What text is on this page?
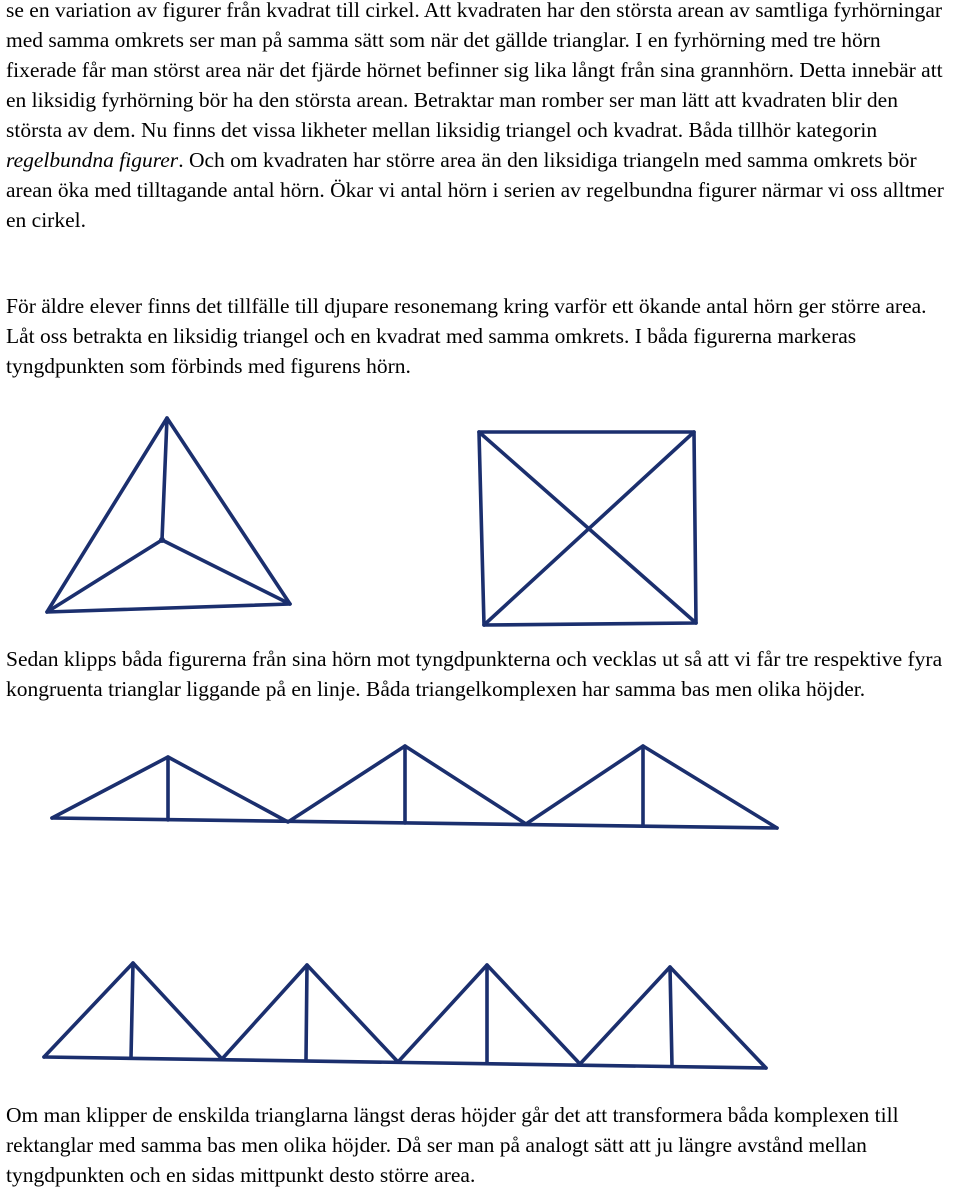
se en variation av figurer från kvadrat till cirkel. Att kvadraten har den största arean av samtliga fyrhörningar med samma omkrets ser man på samma sätt som när det gällde trianglar. I en fyrhörning med tre hörn fixerade får man störst area när det fjärde hörnet befinner sig lika långt från sina grannhörn. Detta innebär att en liksidig fyrhörning bör ha den största arean. Betraktar man romber ser man lätt att kvadraten blir den största av dem. Nu finns det vissa likheter mellan liksidig triangel och kvadrat. Båda tillhör kategorin regelbundna figurer. Och om kvadraten har större area än den liksidiga triangeln med samma omkrets bör arean öka med tilltagande antal hörn. Ökar vi antal hörn i serien av regelbundna figurer närmar vi oss alltmer en cirkel.

För äldre elever finns det tillfälle till djupare resonemang kring varför ett ökande antal hörn ger större area. Låt oss betrakta en liksidig triangel och en kvadrat med samma omkrets. I båda figurerna markeras tyngdpunkten som förbinds med figurens hörn.

Sedan klipps båda figurerna från sina hörn mot tyngdpunkterna och vecklas ut så att vi får tre respektive fyra kongruenta trianglar liggande på en linje. Båda triangelkomplexen har samma bas men olika höjder.

Om man klipper de enskilda trianglarna längst deras höjder går det att transformera båda komplexen till rektanglar med samma bas men olika höjder. Då ser man på analogt sätt att ju längre avstånd mellan tyngdpunkten och en sidas mittpunkt desto större area.
